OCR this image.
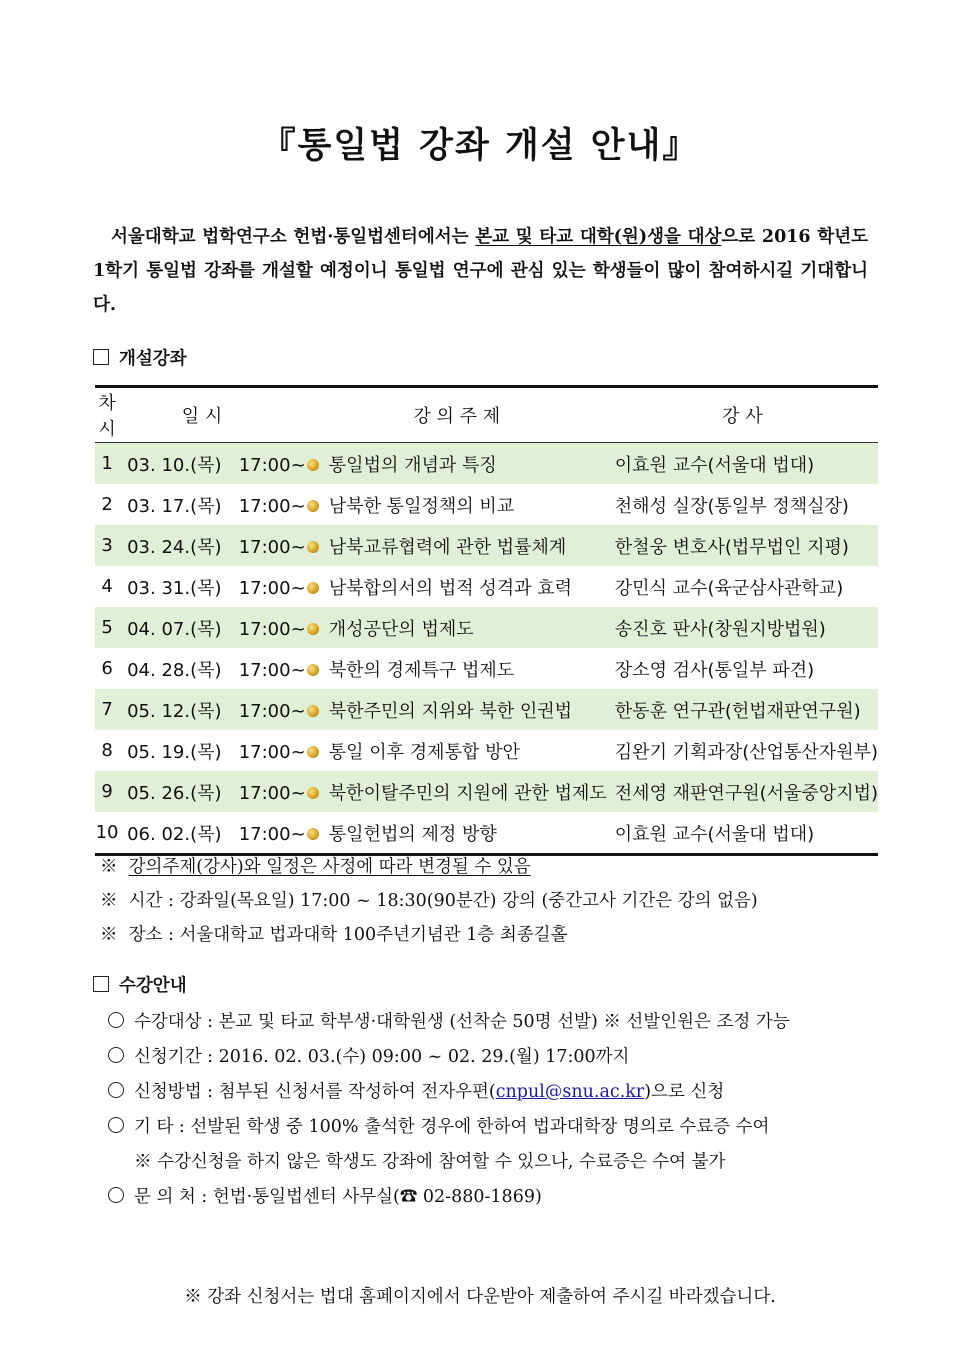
『통일법 강좌 개설 안내』
서울대학교 법학연구소 헌법·통일법센터에서는 본교 및 타교 대학(원)생을 대상으로 2016 학년도 1학기 통일법 강좌를 개설할 예정이니 통일법 연구에 관심 있는 학생들이 많이 참여하시길 기대합니다.
개설강좌
차시	일 시	강 의 주 제	강 사
1	03. 10.(목) 17:00~	통일법의 개념과 특징	이효원 교수(서울대 법대)
2	03. 17.(목) 17:00~	남북한 통일정책의 비교	천해성 실장(통일부 정책실장)
3	03. 24.(목) 17:00~	남북교류협력에 관한 법률체계	한철웅 변호사(법무법인 지평)
4	03. 31.(목) 17:00~	남북합의서의 법적 성격과 효력	강민식 교수(육군삼사관학교)
5	04. 07.(목) 17:00~	개성공단의 법제도	송진호 판사(창원지방법원)
6	04. 28.(목) 17:00~	북한의 경제특구 법제도	장소영 검사(통일부 파견)
7	05. 12.(목) 17:00~	북한주민의 지위와 북한 인권법	한동훈 연구관(헌법재판연구원)
8	05. 19.(목) 17:00~	통일 이후 경제통합 방안	김완기 기획과장(산업통산자원부)
9	05. 26.(목) 17:00~	북한이탈주민의 지원에 관한 법제도	전세영 재판연구원(서울중앙지법)
10	06. 02.(목) 17:00~	통일헌법의 제정 방향	이효원 교수(서울대 법대)
※ 강의주제(강사)와 일정은 사정에 따라 변경될 수 있음
※ 시간 : 강좌일(목요일) 17:00 ~ 18:30(90분간) 강의 (중간고사 기간은 강의 없음)
※ 장소 : 서울대학교 법과대학 100주년기념관 1층 최종길홀
수강안내
수강대상 : 본교 및 타교 학부생·대학원생 (선착순 50명 선발) ※ 선발인원은 조정 가능
신청기간 : 2016. 02. 03.(수) 09:00 ~ 02. 29.(월) 17:00까지
신청방법 : 첨부된 신청서를 작성하여 전자우편(cnpul@snu.ac.kr)으로 신청
기 타 : 선발된 학생 중 100% 출석한 경우에 한하여 법과대학장 명의로 수료증 수여
※ 수강신청을 하지 않은 학생도 강좌에 참여할 수 있으나, 수료증은 수여 불가
문 의 처 : 헌법·통일법센터 사무실(☎ 02-880-1869)
※ 강좌 신청서는 법대 홈페이지에서 다운받아 제출하여 주시길 바라겠습니다.
